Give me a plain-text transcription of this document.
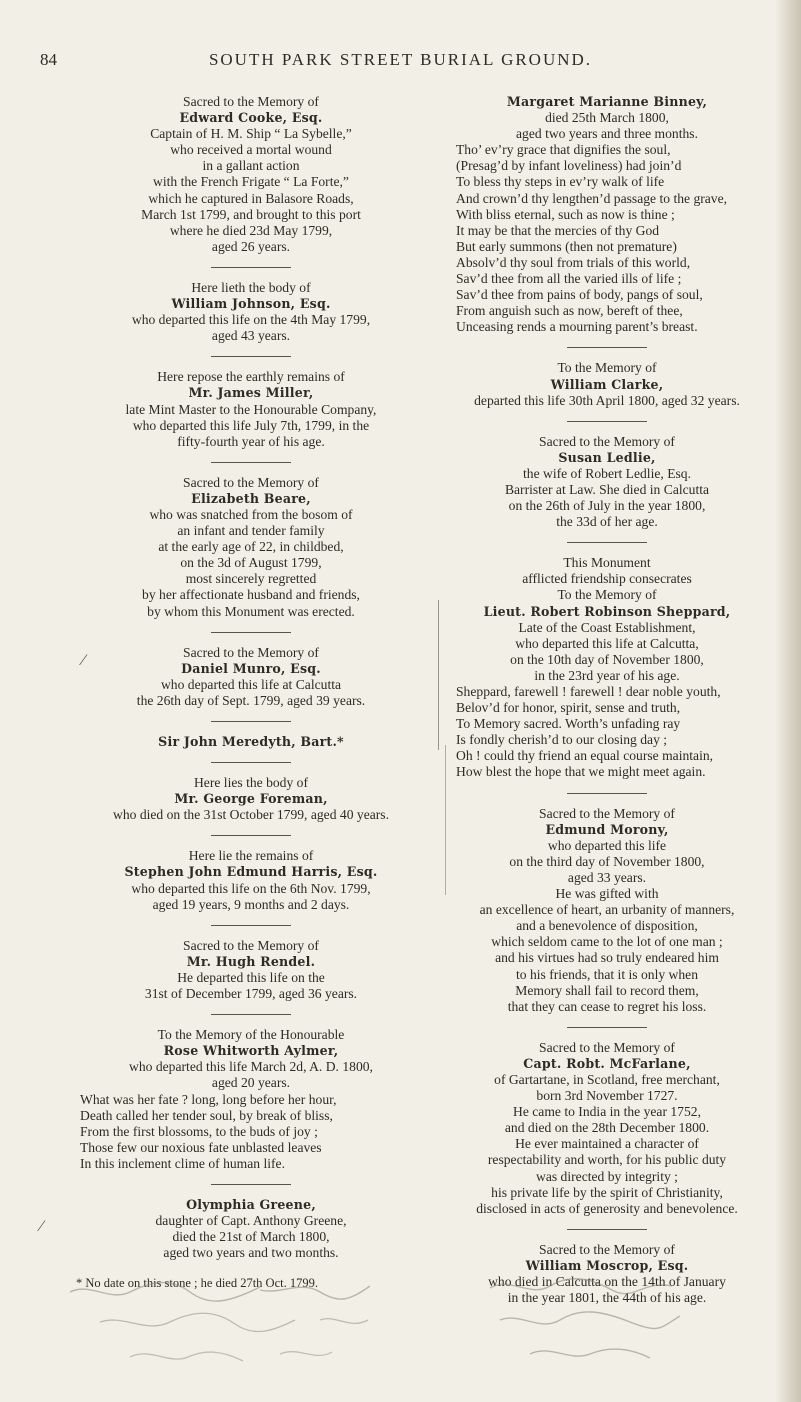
84	SOUTH PARK STREET BURIAL GROUND.
Sacred to the Memory of
Edward Cooke, Esq.
Captain of H. M. Ship “ La Sybelle,”
who received a mortal wound
in a gallant action
with the French Frigate “ La Forte,”
which he captured in Balasore Roads,
March 1st 1799, and brought to this port
where he died 23d May 1799,
aged 26 years.
Here lieth the body of
William Johnson, Esq.
who departed this life on the 4th May 1799,
aged 43 years.
Here repose the earthly remains of
Mr. James Miller,
late Mint Master to the Honourable Company,
who departed this life July 7th, 1799, in the
fifty-fourth year of his age.
Sacred to the Memory of
Elizabeth Beare,
who was snatched from the bosom of
an infant and tender family
at the early age of 22, in childbed,
on the 3d of August 1799,
most sincerely regretted
by her affectionate husband and friends,
by whom this Monument was erected.
Sacred to the Memory of
Daniel Munro, Esq.
who departed this life at Calcutta
the 26th day of Sept. 1799, aged 39 years.
Sir John Meredyth, Bart.*
Here lies the body of
Mr. George Foreman,
who died on the 31st October 1799, aged 40 years.
Here lie the remains of
Stephen John Edmund Harris, Esq.
who departed this life on the 6th Nov. 1799,
aged 19 years, 9 months and 2 days.
Sacred to the Memory of
Mr. Hugh Rendel.
He departed this life on the
31st of December 1799, aged 36 years.
To the Memory of the Honourable
Rose Whitworth Aylmer,
who departed this life March 2d, A. D. 1800,
aged 20 years.
What was her fate ? long, long before her hour,
Death called her tender soul, by break of bliss,
From the first blossoms, to the buds of joy ;
Those few our noxious fate unblasted leaves
In this inclement clime of human life.
Olymphia Greene,
daughter of Capt. Anthony Greene,
died the 21st of March 1800,
aged two years and two months.
* No date on this stone ; he died 27th Oct. 1799.
Margaret Marianne Binney,
died 25th March 1800,
aged two years and three months.
Tho’ ev’ry grace that dignifies the soul,
(Presag’d by infant loveliness) had join’d
To bless thy steps in ev’ry walk of life
And crown’d thy lengthen’d passage to the grave,
With bliss eternal, such as now is thine ;
It may be that the mercies of thy God
But early summons (then not premature)
Absolv’d thy soul from trials of this world,
Sav’d thee from all the varied ills of life ;
Sav’d thee from pains of body, pangs of soul,
From anguish such as now, bereft of thee,
Unceasing rends a mourning parent’s breast.
To the Memory of
William Clarke,
departed this life 30th April 1800, aged 32 years.
Sacred to the Memory of
Susan Ledlie,
the wife of Robert Ledlie, Esq.
Barrister at Law. She died in Calcutta
on the 26th of July in the year 1800,
the 33d of her age.
This Monument
afflicted friendship consecrates
To the Memory of
Lieut. Robert Robinson Sheppard,
Late of the Coast Establishment,
who departed this life at Calcutta,
on the 10th day of November 1800,
in the 23rd year of his age.
Sheppard, farewell ! farewell ! dear noble youth,
Belov’d for honor, spirit, sense and truth,
To Memory sacred. Worth’s unfading ray
Is fondly cherish’d to our closing day ;
Oh ! could thy friend an equal course maintain,
How blest the hope that we might meet again.
Sacred to the Memory of
Edmund Morony,
who departed this life
on the third day of November 1800,
aged 33 years.
He was gifted with
an excellence of heart, an urbanity of manners,
and a benevolence of disposition,
which seldom came to the lot of one man ;
and his virtues had so truly endeared him
to his friends, that it is only when
Memory shall fail to record them,
that they can cease to regret his loss.
Sacred to the Memory of
Capt. Robt. McFarlane,
of Gartartane, in Scotland, free merchant,
born 3rd November 1727.
He came to India in the year 1752,
and died on the 28th December 1800.
He ever maintained a character of
respectability and worth, for his public duty
was directed by integrity ;
his private life by the spirit of Christianity,
disclosed in acts of generosity and benevolence.
Sacred to the Memory of
William Moscrop, Esq.
who died in Calcutta on the 14th of January
in the year 1801, the 44th of his age.
⁄
⁄
